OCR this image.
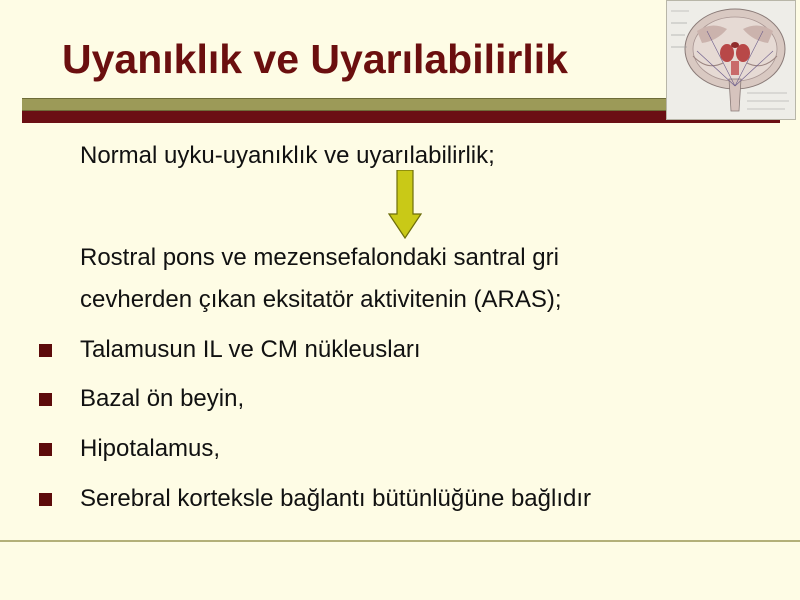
Uyanıklık ve Uyarılabilirlik
Normal uyku-uyanıklık ve uyarılabilirlik;
Rostral pons ve mezensefalondaki santral gri
cevherden çıkan eksitatör aktivitenin (ARAS);
Talamusun IL ve CM nükleusları
Bazal ön beyin,
Hipotalamus,
Serebral korteksle bağlantı bütünlüğüne bağlıdır
